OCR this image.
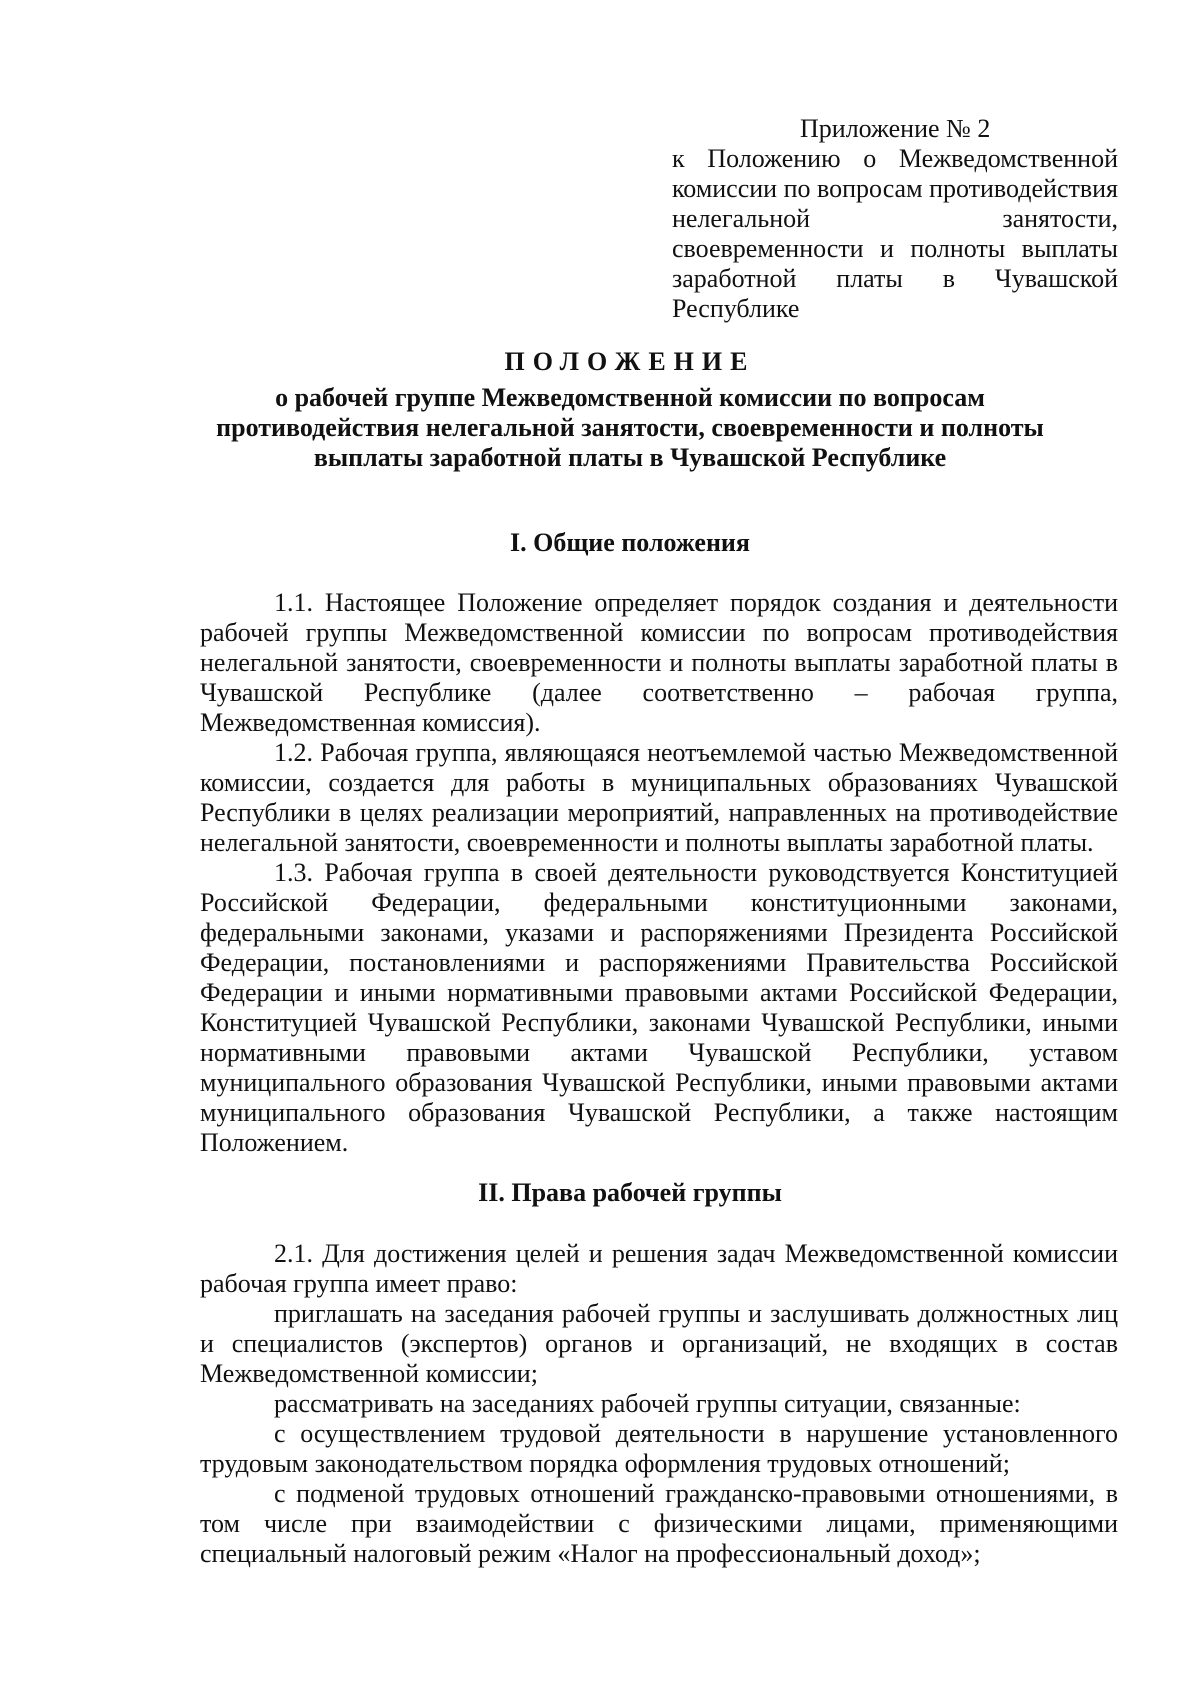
Приложение № 2
к Положению о Межведомственной комиссии по вопросам противодействия нелегальной занятости, своевременности и полноты выплаты заработной платы в Чувашской Республике
ПОЛОЖЕНИЕ
о рабочей группе Межведомственной комиссии по вопросам
противодействия нелегальной занятости, своевременности и полноты
выплаты заработной платы в Чувашской Республике
I. Общие положения

1.1. Настоящее Положение определяет порядок создания и деятельности рабочей группы Межведомственной комиссии по вопросам противодействия нелегальной занятости, своевременности и полноты выплаты заработной платы в Чувашской Республике (далее соответственно – рабочая группа, Межведомственная комиссия).

1.2. Рабочая группа, являющаяся неотъемлемой частью Межведомственной комиссии, создается для работы в муниципальных образованиях Чувашской Республики в целях реализации мероприятий, направленных на противодействие нелегальной занятости, своевременности и полноты выплаты заработной платы.

1.3. Рабочая группа в своей деятельности руководствуется Конституцией Российской Федерации, федеральными конституционными законами, федеральными законами, указами и распоряжениями Президента Российской Федерации, постановлениями и распоряжениями Правительства Российской Федерации и иными нормативными правовыми актами Российской Федерации, Конституцией Чувашской Республики, законами Чувашской Республики, иными нормативными правовыми актами Чувашской Республики, уставом муниципального образования Чувашской Республики, иными правовыми актами муниципального образования Чувашской Республики, а также настоящим Положением.

II. Права рабочей группы

2.1. Для достижения целей и решения задач Межведомственной комиссии рабочая группа имеет право:

приглашать на заседания рабочей группы и заслушивать должностных лиц и специалистов (экспертов) органов и организаций, не входящих в состав Межведомственной комиссии;

рассматривать на заседаниях рабочей группы ситуации, связанные:

с осуществлением трудовой деятельности в нарушение установленного трудовым законодательством порядка оформления трудовых отношений;

с подменой трудовых отношений гражданско-правовыми отношениями, в том числе при взаимодействии с физическими лицами, применяющими специальный налоговый режим «Налог на профессиональный доход»;
